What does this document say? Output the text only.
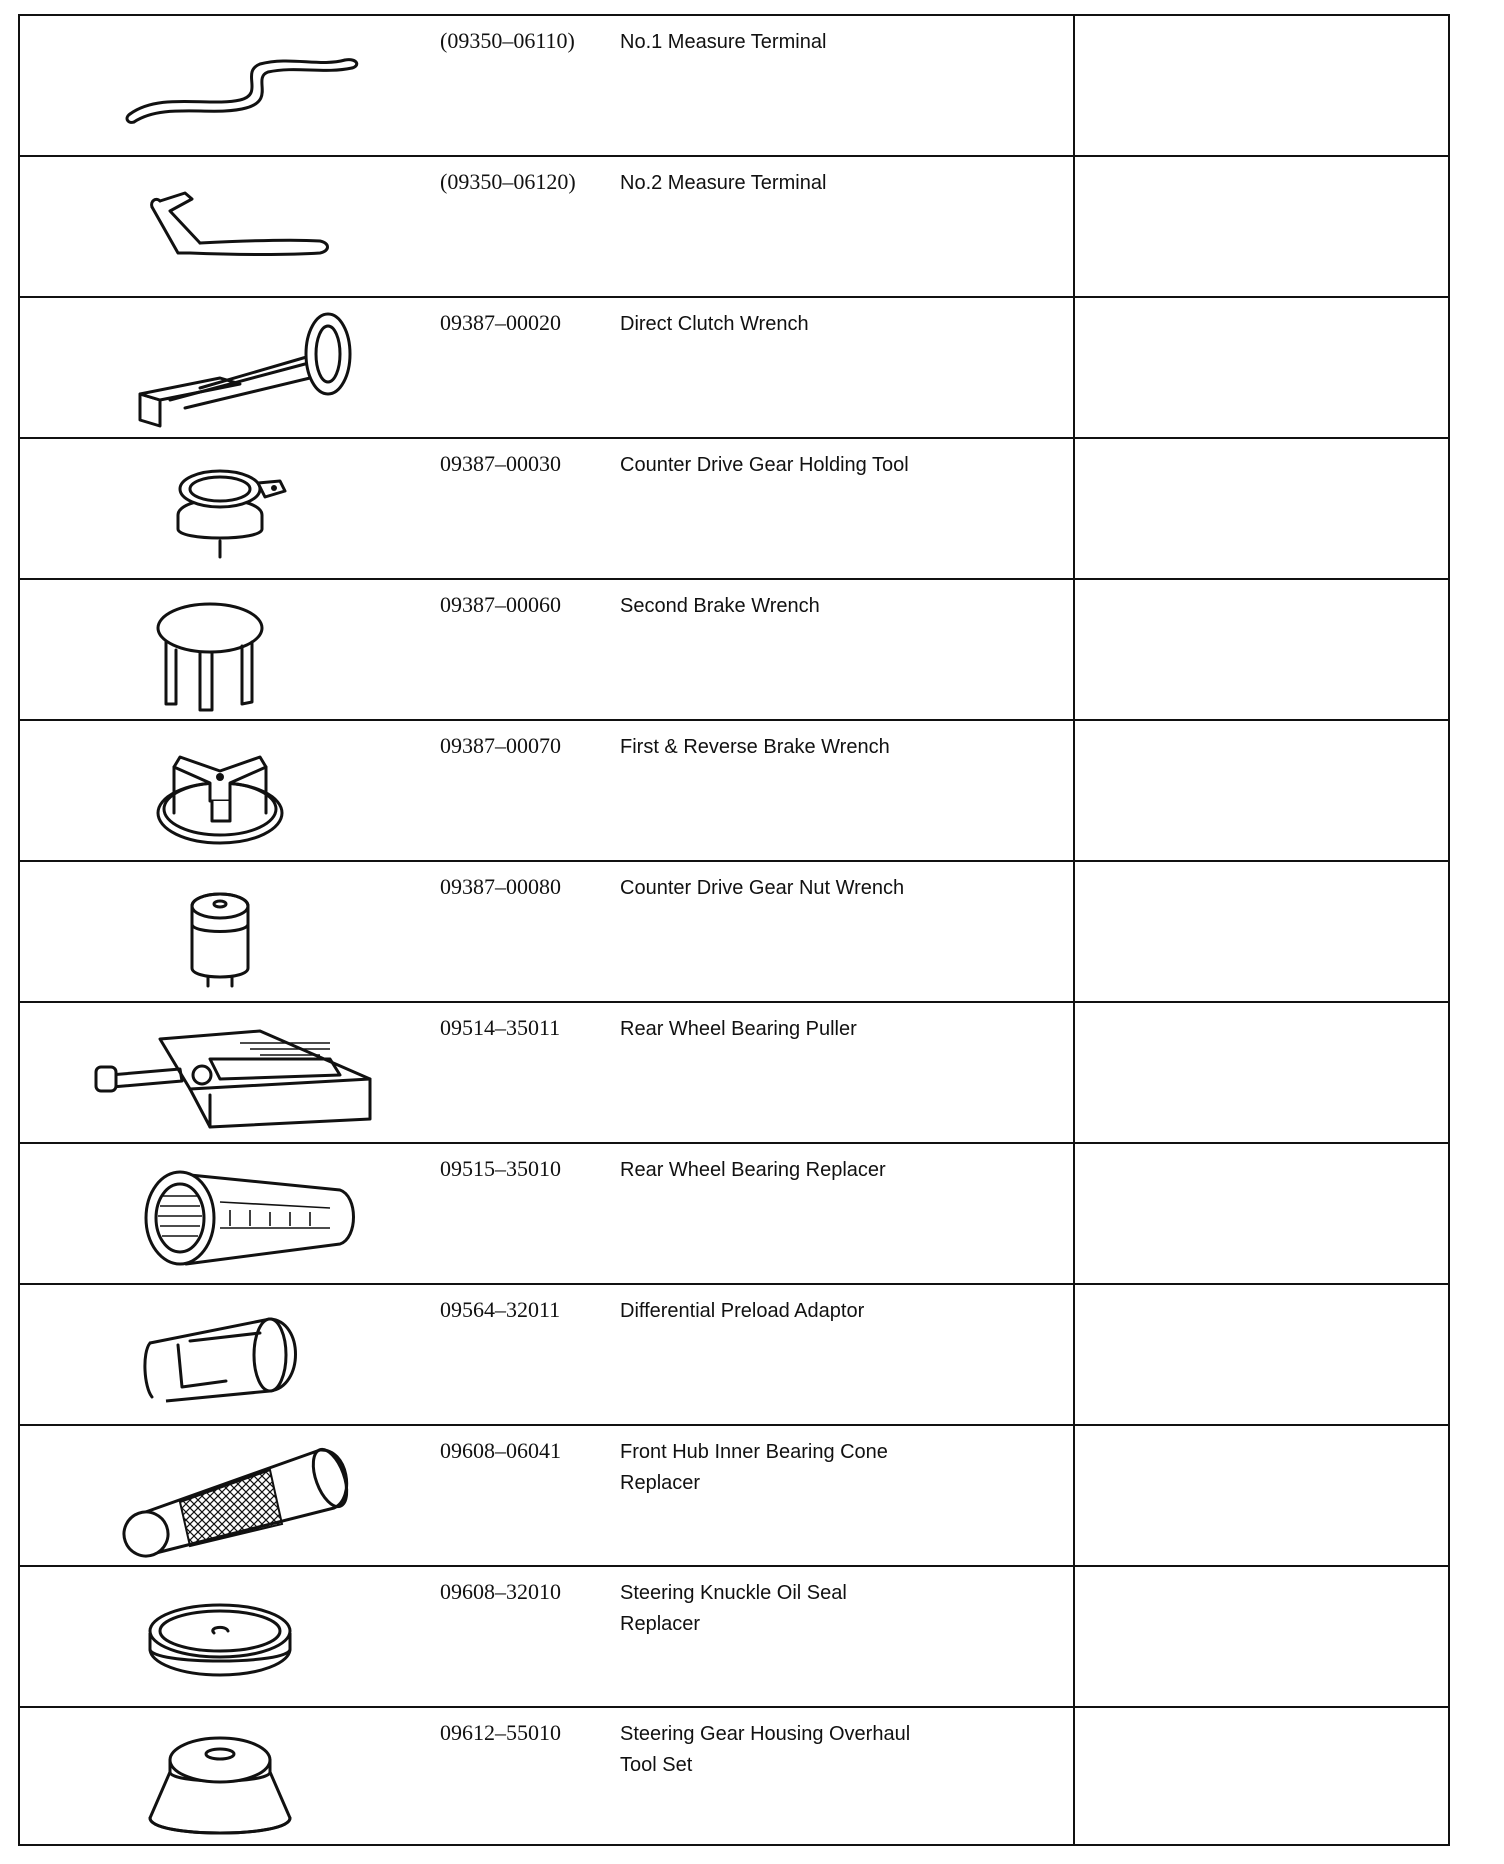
(09350–06110)	No.1 Measure Terminal
(09350–06120)	No.2 Measure Terminal
09387–00020	Direct Clutch Wrench
09387–00030	Counter Drive Gear Holding Tool
09387–00060	Second Brake Wrench
09387–00070	First & Reverse Brake Wrench
09387–00080	Counter Drive Gear Nut Wrench
09514–35011	Rear Wheel Bearing Puller
09515–35010	Rear Wheel Bearing Replacer
09564–32011	Differential Preload Adaptor
09608–06041	Front Hub Inner Bearing Cone
Replacer
09608–32010	Steering Knuckle Oil Seal
Replacer
09612–55010	Steering Gear Housing Overhaul
Tool Set
